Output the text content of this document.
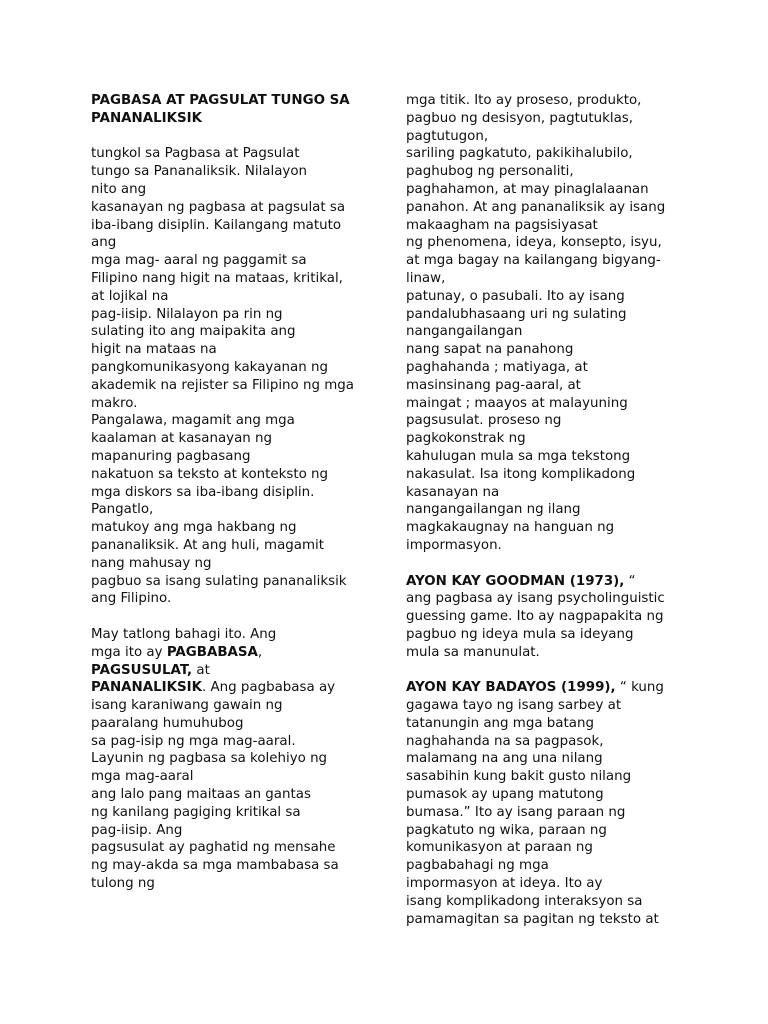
PAGBASA AT PAGSULAT TUNGO SA
PANANALIKSIK
tungkol sa Pagbasa at Pagsulat
tungo sa Pananaliksik. Nilalayon
nito ang
kasanayan ng pagbasa at pagsulat sa
iba-ibang disiplin. Kailangang matuto
ang
mga mag- aaral ng paggamit sa
Filipino nang higit na mataas, kritikal,
at lojikal na
pag-iisip. Nilalayon pa rin ng
sulating ito ang maipakita ang
higit na mataas na
pangkomunikasyong kakayanan ng
akademik na rejister sa Filipino ng mga
makro.
Pangalawa, magamit ang mga
kaalaman at kasanayan ng
mapanuring pagbasang
nakatuon sa teksto at konteksto ng
mga diskors sa iba-ibang disiplin.
Pangatlo,
matukoy ang mga hakbang ng
pananaliksik. At ang huli, magamit
nang mahusay ng
pagbuo sa isang sulating pananaliksik
ang Filipino.
May tatlong bahagi ito. Ang
mga ito ay PAGBABASA,
PAGSUSULAT, at
PANANALIKSIK. Ang pagbabasa ay
isang karaniwang gawain ng
paaralang humuhubog
sa pag-isip ng mga mag-aaral.
Layunin ng pagbasa sa kolehiyo ng
mga mag-aaral
ang lalo pang maitaas an gantas
ng kanilang pagiging kritikal sa
pag-iisip. Ang
pagsusulat ay paghatid ng mensahe
ng may-akda sa mga mambabasa sa
tulong ng
mga titik. Ito ay proseso, produkto,
pagbuo ng desisyon, pagtutuklas,
pagtutugon,
sariling pagkatuto, pakikihalubilo,
paghubog ng personaliti,
paghahamon, at may pinaglalaanan
panahon. At ang pananaliksik ay isang
makaagham na pagsisiyasat
ng phenomena, ideya, konsepto, isyu,
at mga bagay na kailangang bigyang-
linaw,
patunay, o pasubali. Ito ay isang
pandalubhasaang uri ng sulating
nangangailangan
nang sapat na panahong
paghahanda ; matiyaga, at
masinsinang pag-aaral, at
maingat ; maayos at malayuning
pagsusulat. proseso ng
pagkokonstrak ng
kahulugan mula sa mga tekstong
nakasulat. Isa itong komplikadong
kasanayan na
nangangailangan ng ilang
magkakaugnay na hanguan ng
impormasyon.
AYON KAY GOODMAN (1973), “
ang pagbasa ay isang psycholinguistic
guessing game. Ito ay nagpapakita ng
pagbuo ng ideya mula sa ideyang
mula sa manunulat.
AYON KAY BADAYOS (1999), “ kung
gagawa tayo ng isang sarbey at
tatanungin ang mga batang
naghahanda na sa pagpasok,
malamang na ang una nilang
sasabihin kung bakit gusto nilang
pumasok ay upang matutong
bumasa.” Ito ay isang paraan ng
pagkatuto ng wika, paraan ng
komunikasyon at paraan ng
pagbabahagi ng mga
impormasyon at ideya. Ito ay
isang komplikadong interaksyon sa
pamamagitan sa pagitan ng teksto at
